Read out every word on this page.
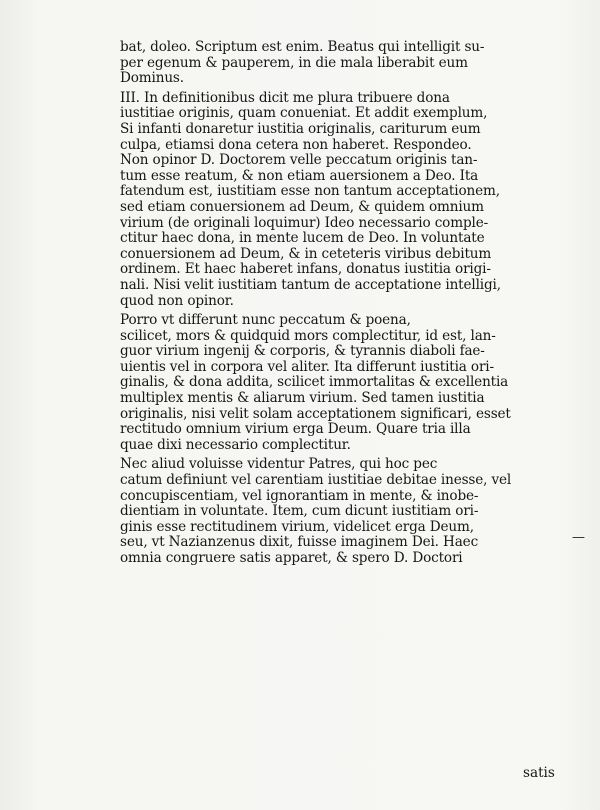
bat, doleo. Scriptum est enim. Beatus qui intelligit su-
per egenum & pauperem, in die mala liberabit eum
Dominus.
III. In definitionibus dicit me plura tribuere dona
iustitiae originis, quam conueniat. Et addit exemplum,
Si infanti donaretur iustitia originalis, cariturum eum
culpa, etiamsi dona cetera non haberet. Respondeo.
Non opinor D. Doctorem velle peccatum originis tan-
tum esse reatum, & non etiam auersionem a Deo. Ita
fatendum est, iustitiam esse non tantum acceptationem,
sed etiam conuersionem ad Deum, & quidem omnium
virium (de originali loquimur) Ideo necessario comple-
ctitur haec dona, in mente lucem de Deo. In voluntate
conuersionem ad Deum, & in ceteteris viribus debitum
ordinem. Et haec haberet infans, donatus iustitia origi-
nali. Nisi velit iustitiam tantum de acceptatione intelligi,
quod non opinor.
Porro vt differunt nunc peccatum & poena,
scilicet, mors & quidquid mors complectitur, id est, lan-
guor virium ingenij & corporis, & tyrannis diaboli fae-
uientis vel in corpora vel aliter. Ita differunt iustitia ori-
ginalis, & dona addita, scilicet immortalitas & excellentia
multiplex mentis & aliarum virium. Sed tamen iustitia
originalis, nisi velit solam acceptationem significari, esset
rectitudo omnium virium erga Deum. Quare tria illa
quae dixi necessario complectitur.
Nec aliud voluisse videntur Patres, qui hoc pec
catum definiunt vel carentiam iustitiae debitae inesse, vel
concupiscentiam, vel ignorantiam in mente, & inobe-
dientiam in voluntate. Item, cum dicunt iustitiam ori-
ginis esse rectitudinem virium, videlicet erga Deum,
seu, vt Nazianzenus dixit, fuisse imaginem Dei. Haec
omnia congruere satis apparet, & spero D. Doctori
—
satis
